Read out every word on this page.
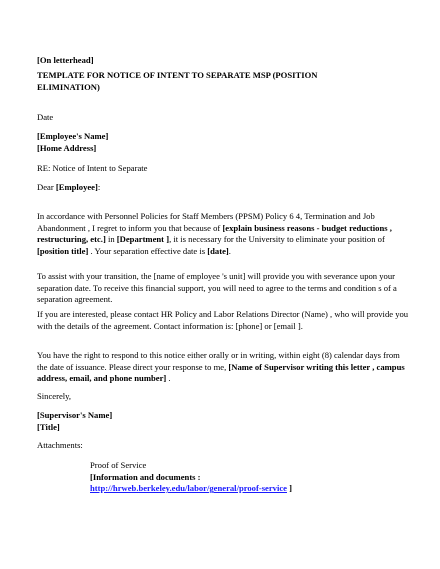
[On letterhead]

TEMPLATE FOR NOTICE OF INTENT TO SEPARATE MSP (POSITION
ELIMINATION)

Date

[Employee's Name]
[Home Address]

RE: Notice of Intent to Separate

Dear [Employee]:

In accordance with Personnel Policies for Staff Members (PPSM) Policy 6 4, Termination and Job Abandonment , I regret to inform you that because of [explain business reasons - budget reductions , restructuring, etc.] in [Department ], it is necessary for the University to eliminate your position of [position title] . Your separation effective date is [date].

To assist with your transition, the [name of employee 's unit] will provide you with severance upon your separation date. To receive this financial support, you will need to agree to the terms and condition s of a separation agreement.

If you are interested, please contact HR Policy and Labor Relations Director (Name) , who will provide you with the details of the agreement. Contact information is: [phone] or [email ].

You have the right to respond to this notice either orally or in writing, within eight (8) calendar days from the date of issuance. Please direct your response to me, [Name of Supervisor writing this letter , campus address, email, and phone number] .

Sincerely,

[Supervisor's Name]
[Title]

Attachments:

Proof of Service
[Information and documents :
http://hrweb.berkeley.edu/labor/general/proof-service ]
